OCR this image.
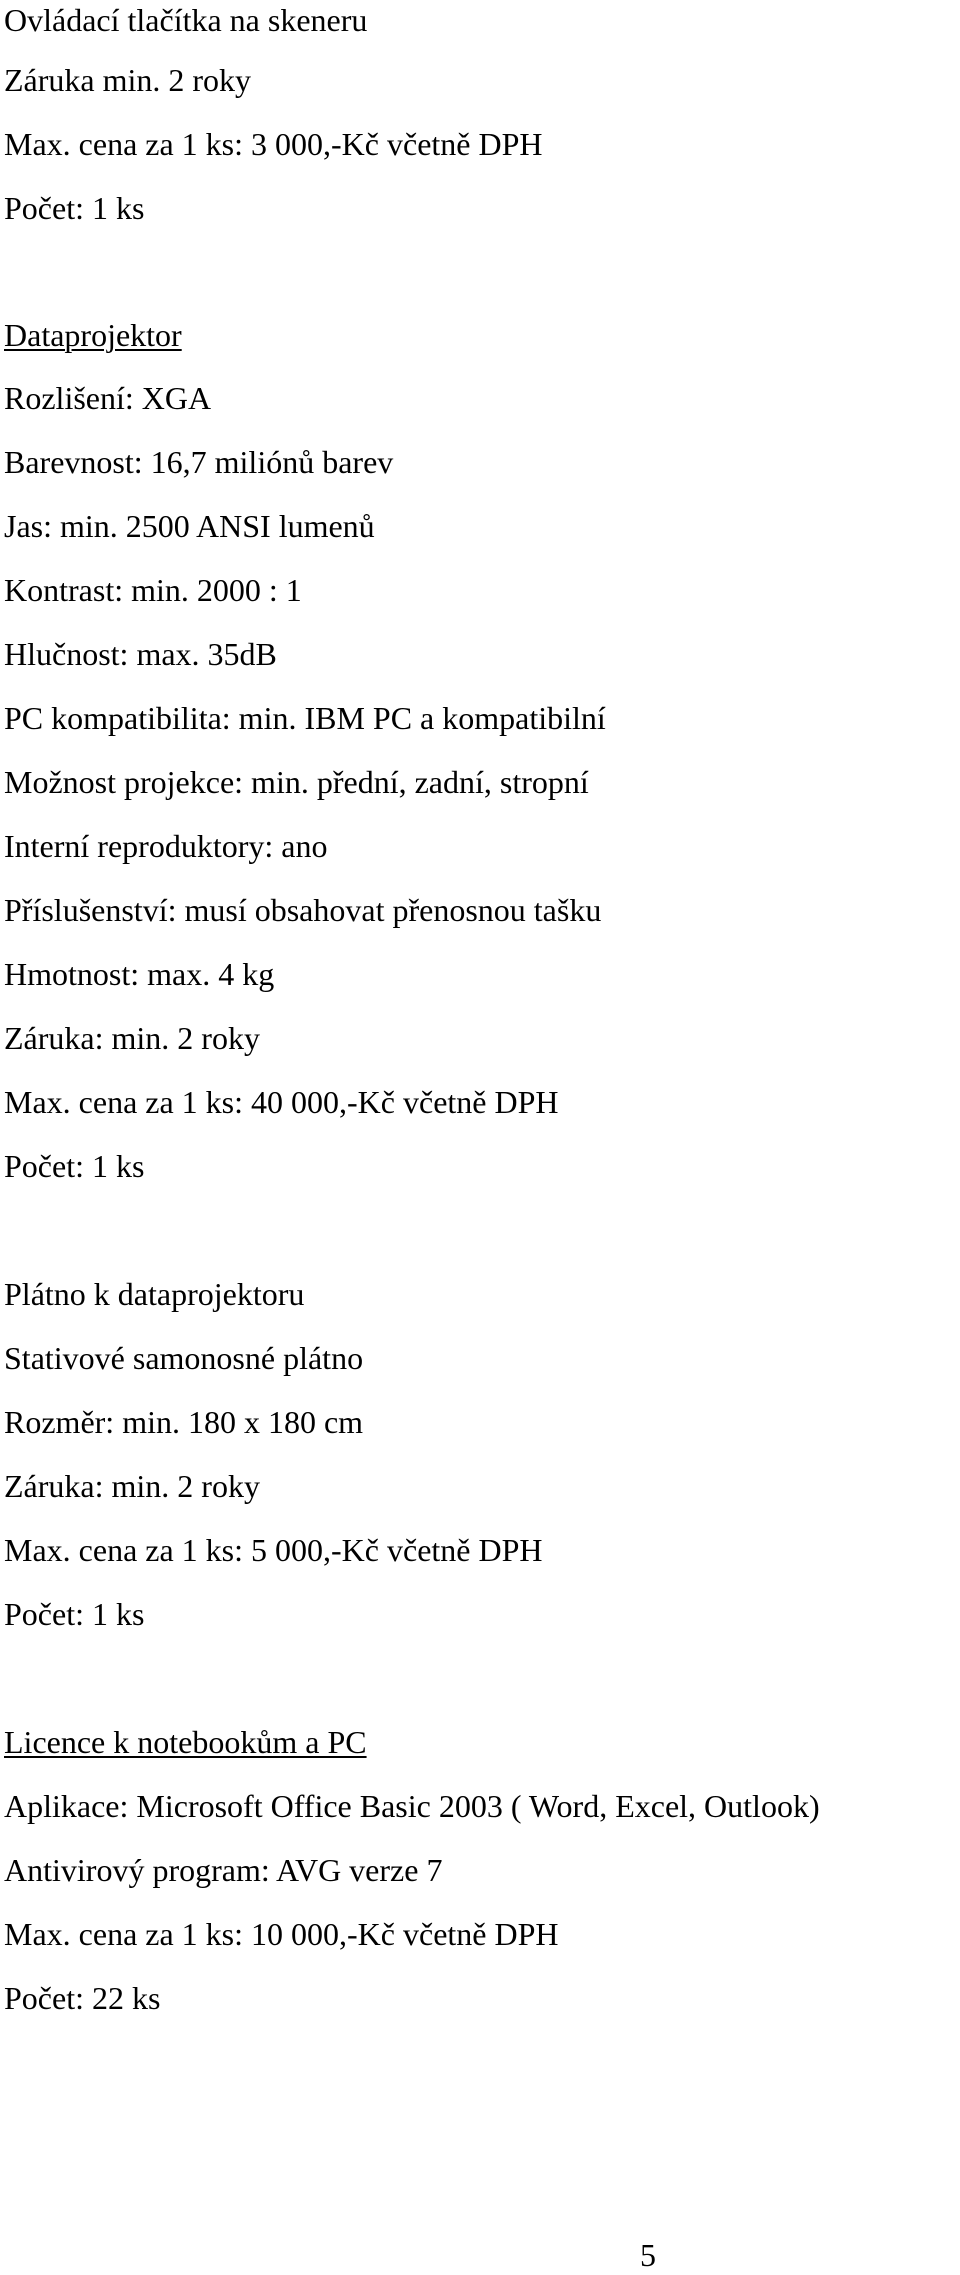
Ovládací tlačítka na skeneru

Záruka min. 2 roky

Max. cena za 1 ks: 3 000,-Kč včetně DPH

Počet: 1 ks

Dataprojektor

Rozlišení: XGA

Barevnost: 16,7 miliónů barev

Jas: min. 2500 ANSI lumenů

Kontrast: min. 2000 : 1

Hlučnost: max. 35dB

PC kompatibilita: min. IBM PC a kompatibilní

Možnost projekce: min. přední, zadní, stropní

Interní reproduktory: ano

Příslušenství: musí obsahovat přenosnou tašku

Hmotnost: max. 4 kg

Záruka: min. 2 roky

Max. cena za 1 ks: 40 000,-Kč včetně DPH

Počet: 1 ks

Plátno k dataprojektoru

Stativové samonosné plátno

Rozměr: min. 180 x 180 cm

Záruka: min. 2 roky

Max. cena za 1 ks: 5 000,-Kč včetně DPH

Počet: 1 ks

Licence k notebookům a PC

Aplikace: Microsoft Office Basic 2003 ( Word, Excel, Outlook)

Antivirový program: AVG verze 7

Max. cena za 1 ks: 10 000,-Kč včetně DPH

Počet: 22 ks

5
